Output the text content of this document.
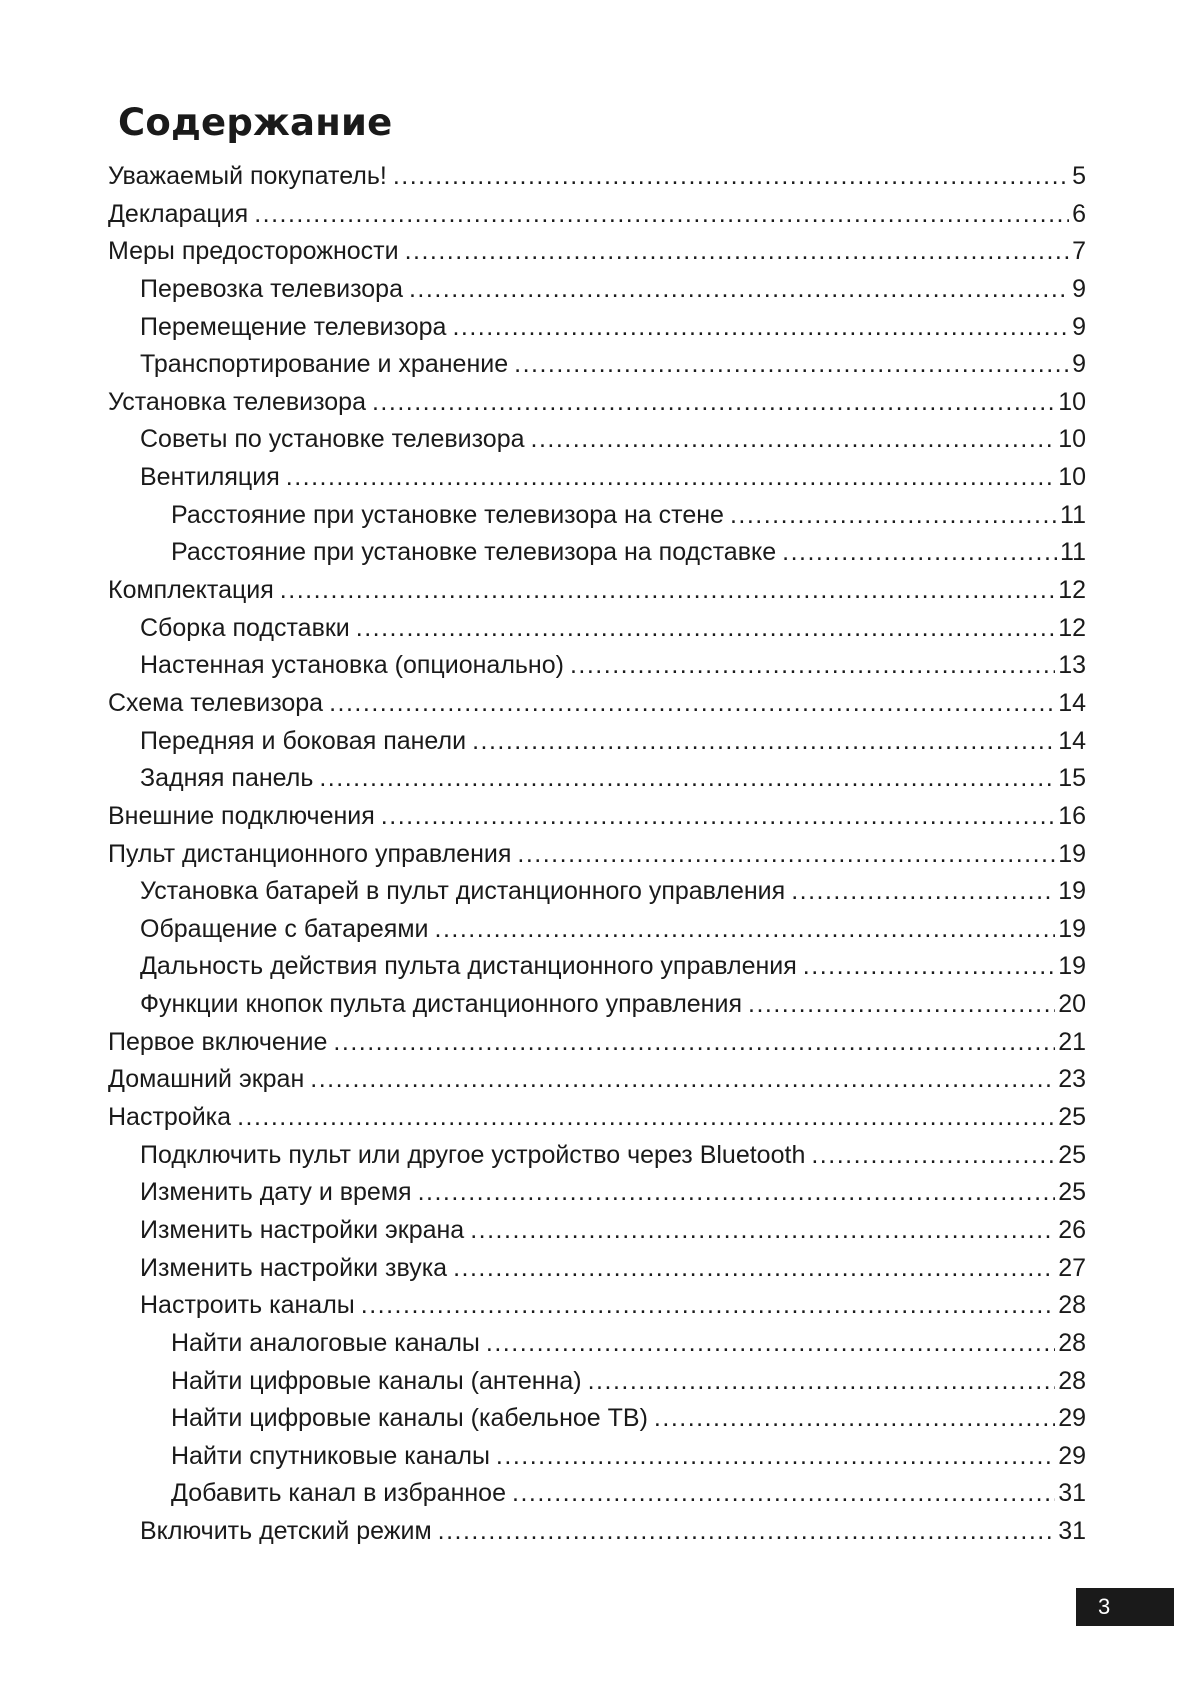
Содержание
Уважаемый покупатель! .....	5
Декларация .....	6
Меры предосторожности .....	7
Перевозка телевизора .....	9
Перемещение телевизора .....	9
Транспортирование и хранение .....	9
Установка телевизора .....	10
Советы по установке телевизора .....	10
Вентиляция .....	10
Расстояние при установке телевизора на стене .....	11
Расстояние при установке телевизора на подставке .....	11
Комплектация .....	12
Сборка подставки .....	12
Настенная установка (опционально) .....	13
Схема телевизора .....	14
Передняя и боковая панели .....	14
Задняя панель .....	15
Внешние подключения .....	16
Пульт дистанционного управления .....	19
Установка батарей в пульт дистанционного управления .....	19
Обращение с батареями .....	19
Дальность действия пульта дистанционного управления .....	19
Функции кнопок пульта дистанционного управления .....	20
Первое включение .....	21
Домашний экран .....	23
Настройка .....	25
Подключить пульт или другое устройство через Bluetooth .....	25
Изменить дату и время .....	25
Изменить настройки экрана .....	26
Изменить настройки звука .....	27
Настроить каналы .....	28
Найти аналоговые каналы .....	28
Найти цифровые каналы (антенна) .....	28
Найти цифровые каналы (кабельное ТВ) .....	29
Найти спутниковые каналы .....	29
Добавить канал в избранное .....	31
Включить детский режим .....	31
3
